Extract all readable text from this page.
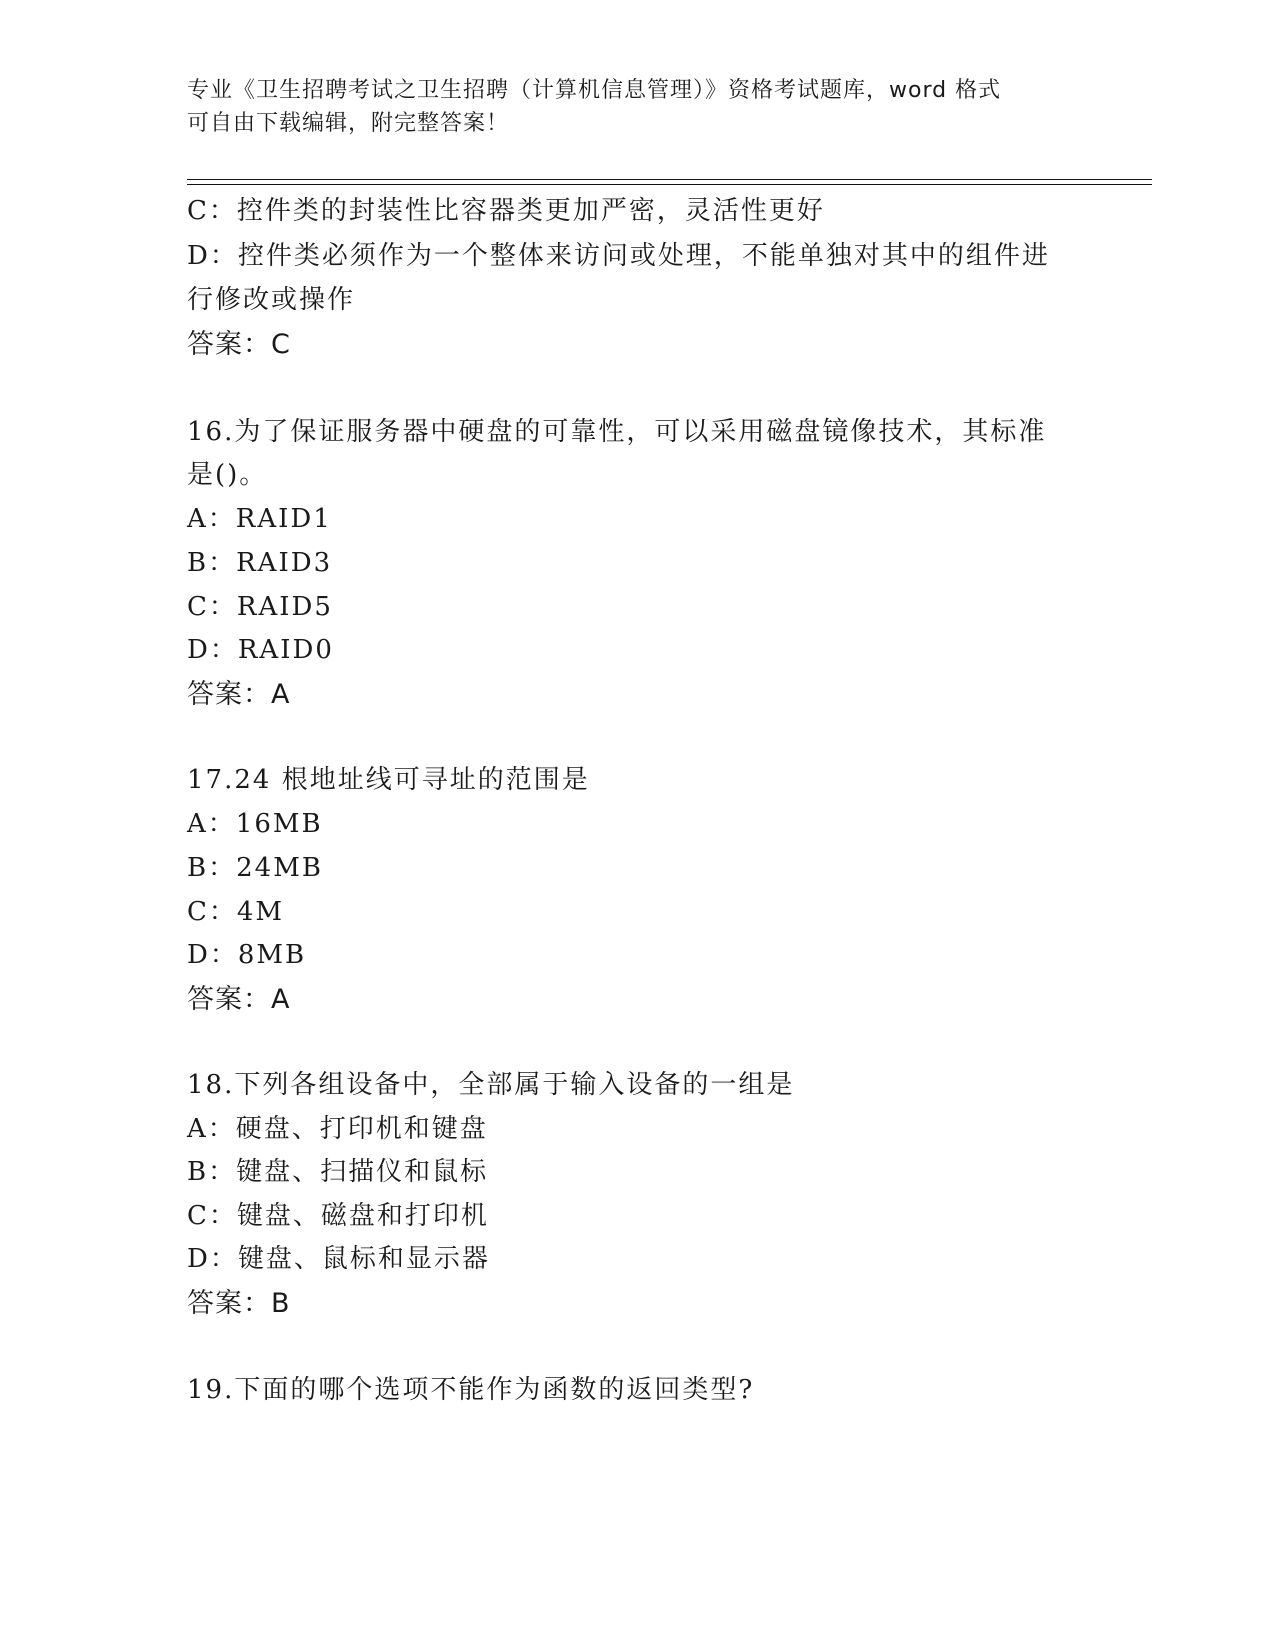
专业《卫生招聘考试之卫生招聘（计算机信息管理）》资格考试题库，word 格式
可自由下载编辑，附完整答案！
C：控件类的封装性比容器类更加严密，灵活性更好
D：控件类必须作为一个整体来访问或处理，不能单独对其中的组件进
行修改或操作
答案：C
16.为了保证服务器中硬盘的可靠性，可以采用磁盘镜像技术，其标准
是()。
A：RAID1
B：RAID3
C：RAID5
D：RAID0
答案：A
17.24 根地址线可寻址的范围是
A：16MB
B：24MB
C：4M
D：8MB
答案：A
18.下列各组设备中，全部属于输入设备的一组是
A：硬盘、打印机和键盘
B：键盘、扫描仪和鼠标
C：键盘、磁盘和打印机
D：键盘、鼠标和显示器
答案：B
19.下面的哪个选项不能作为函数的返回类型?
